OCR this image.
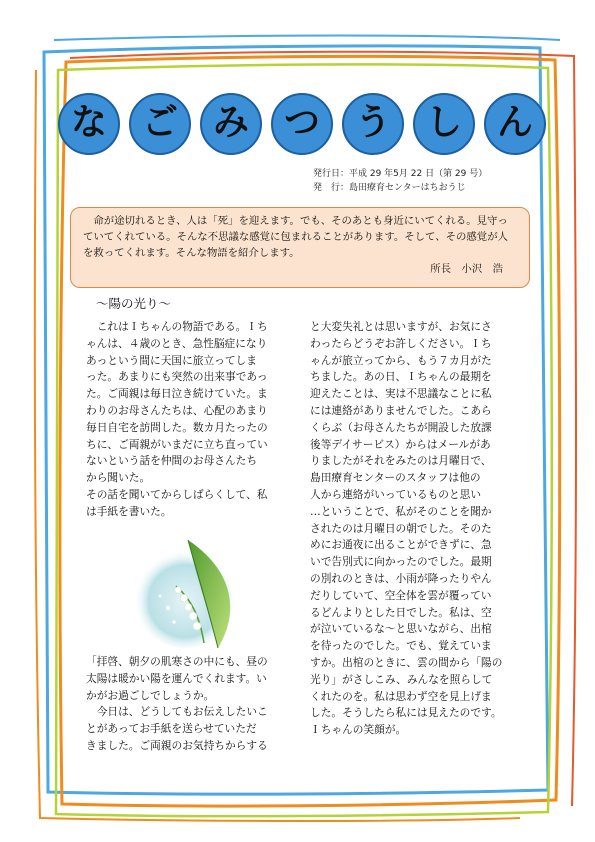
な ご み つ う し ん
発行日：平成 29 年5月 22 日（第 29 号）
発　行：島田療育センターはちおうじ

命が途切れるとき、人は「死」を迎えます。でも、そのあとも身近にいてくれる。見守っていてくれている。そんな不思議な感覚に包まれることがあります。そして、その感覚が人を救ってくれます。そんな物語を紹介します。

所長　小沢　浩

～陽の光り～

　これはＩちゃんの物語である。Ｉち

ゃんは、４歳のとき、急性脳症になり

あっという間に天国に旅立ってしま

った。あまりにも突然の出来事であっ

た。ご両親は毎日泣き続けていた。ま

わりのお母さんたちは、心配のあまり

毎日自宅を訪問した。数カ月たったの

ちに、ご両親がいまだに立ち直ってい

ないという話を仲間のお母さんたち

から聞いた。

その話を聞いてからしばらくして、私

は手紙を書いた。

「拝啓、朝夕の肌寒さの中にも、昼の

太陽は暖かい陽を運んでくれます。い

かがお過ごしでしょうか。

　今日は、どうしてもお伝えしたいこ

とがあってお手紙を送らせていただ

きました。ご両親のお気持ちからする

と大変失礼とは思いますが、お気にさ

わったらどうぞお許しください。Ｉち

ゃんが旅立ってから、もう７カ月がた

ちました。あの日、Ｉちゃんの最期を

迎えたことは、実は不思議なことに私

には連絡がありませんでした。こあら

くらぶ（お母さんたちが開設した放課

後等デイサービス）からはメールがあ

りましたがそれをみたのは月曜日で、

島田療育センターのスタッフは他の

人から連絡がいっているものと思い

…ということで、私がそのことを聞か

されたのは月曜日の朝でした。そのた

めにお通夜に出ることができずに、急

いで告別式に向かったのでした。最期

の別れのときは、小雨が降ったりやん

だりしていて、空全体を雲が覆ってい

るどんよりとした日でした。私は、空

が泣いているな～と思いながら、出棺

を待ったのでした。でも、覚えていま

すか。出棺のときに、雲の間から「陽の

光り」がさしこみ、みんなを照らして

くれたのを。私は思わず空を見上げま

した。そうしたら私には見えたのです。

Ｉちゃんの笑顔が。
